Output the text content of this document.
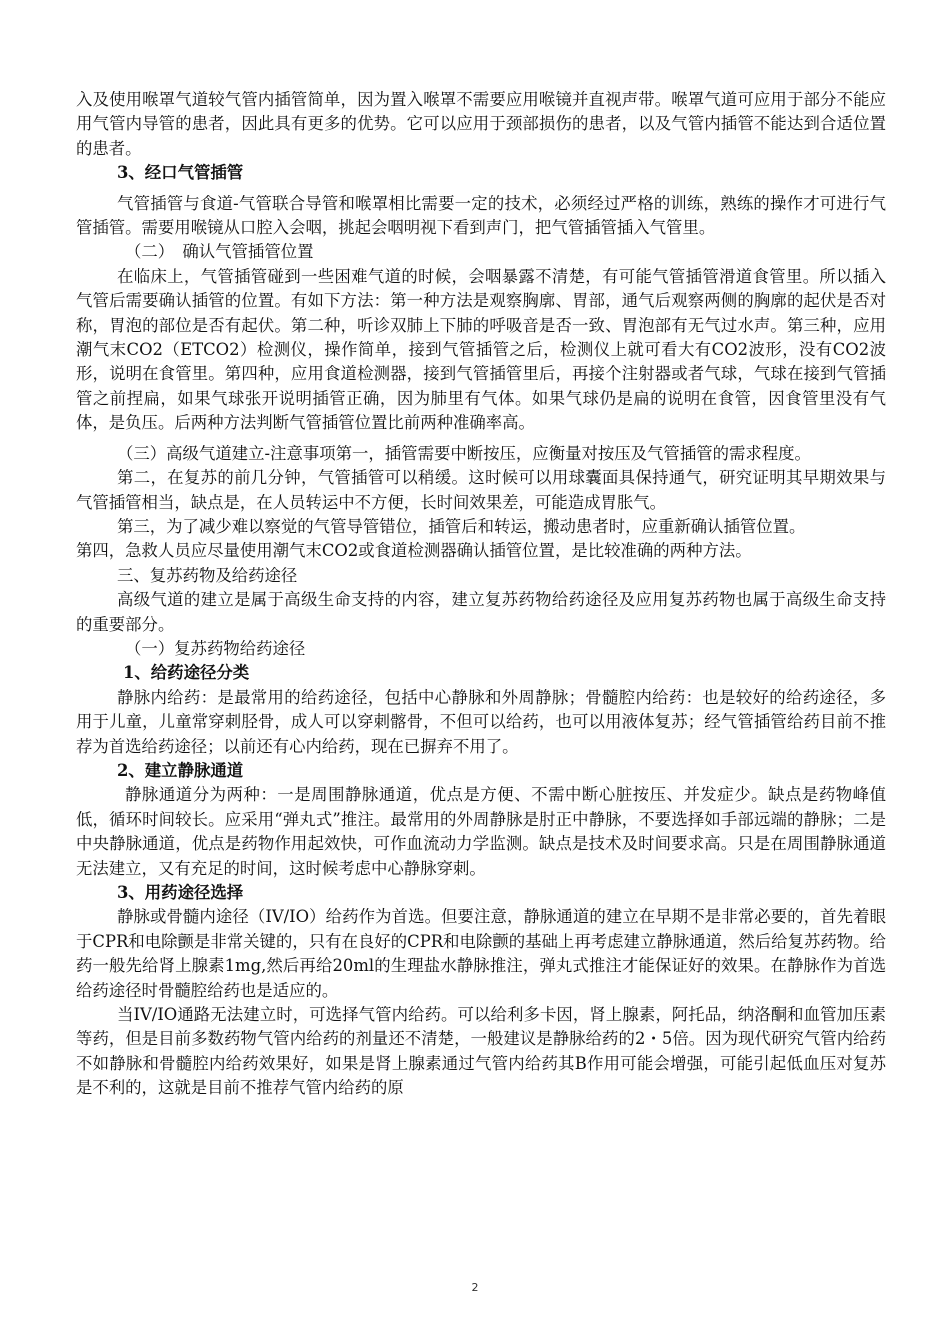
入及使用喉罩气道较气管内插管简单，因为置入喉罩不需要应用喉镜并直视声带。喉罩气道可应用于部分不能应用气管内导管的患者，因此具有更多的优势。它可以应用于颈部损伤的患者，以及气管内插管不能达到合适位置的患者。

3、经口气管插管

气管插管与食道-气管联合导管和喉罩相比需要一定的技术，必须经过严格的训练，熟练的操作才可进行气管插管。需要用喉镜从口腔入会咽，挑起会咽明视下看到声门，把气管插管插入气管里。

（二）　确认气管插管位置

在临床上，气管插管碰到一些困难气道的时候，会咽暴露不清楚，有可能气管插管滑道食管里。所以插入气管后需要确认插管的位置。有如下方法：第一种方法是观察胸廓、胃部，通气后观察两侧的胸廓的起伏是否对称，胃泡的部位是否有起伏。第二种，听诊双肺上下肺的呼吸音是否一致、胃泡部有无气过水声。第三种，应用潮气末CO2（ETCO2）检测仪，操作简单，接到气管插管之后，检测仪上就可看大有CO2波形，没有CO2波形，说明在食管里。第四种，应用食道检测器，接到气管插管里后，再接个注射器或者气球，气球在接到气管插管之前捏扁，如果气球张开说明插管正确，因为肺里有气体。如果气球仍是扁的说明在食管，因食管里没有气体，是负压。后两种方法判断气管插管位置比前两种准确率高。

（三）高级气道建立-注意事项第一，插管需要中断按压，应衡量对按压及气管插管的需求程度。

第二，在复苏的前几分钟，气管插管可以稍缓。这时候可以用球囊面具保持通气，研究证明其早期效果与气管插管相当，缺点是，在人员转运中不方便，长时间效果差，可能造成胃胀气。

第三，为了减少难以察觉的气管导管错位，插管后和转运，搬动患者时，应重新确认插管位置。

第四，急救人员应尽量使用潮气末CO2或食道检测器确认插管位置，是比较准确的两种方法。

三、复苏药物及给药途径

高级气道的建立是属于高级生命支持的内容，建立复苏药物给药途径及应用复苏药物也属于高级生命支持的重要部分。

（一）复苏药物给药途径

1、给药途径分类

静脉内给药：是最常用的给药途径，包括中心静脉和外周静脉；骨髓腔内给药：也是较好的给药途径，多用于儿童，儿童常穿刺胫骨，成人可以穿刺髂骨，不但可以给药，也可以用液体复苏；经气管插管给药目前不推荐为首选给药途径；以前还有心内给药，现在已摒弃不用了。

2、建立静脉通道

静脉通道分为两种：一是周围静脉通道，优点是方便、不需中断心脏按压、并发症少。缺点是药物峰值低，循环时间较长。应采用“弹丸式”推注。最常用的外周静脉是肘正中静脉，不要选择如手部远端的静脉；二是中央静脉通道，优点是药物作用起效快，可作血流动力学监测。缺点是技术及时间要求高。只是在周围静脉通道无法建立，又有充足的时间，这时候考虑中心静脉穿刺。

3、用药途径选择

静脉或骨髓内途径（IV/IO）给药作为首选。但要注意，静脉通道的建立在早期不是非常必要的，首先着眼于CPR和电除颤是非常关键的，只有在良好的CPR和电除颤的基础上再考虑建立静脉通道，然后给复苏药物。给药一般先给肾上腺素1mg,然后再给20ml的生理盐水静脉推注，弹丸式推注才能保证好的效果。在静脉作为首选给药途径时骨髓腔给药也是适应的。

当IV/IO通路无法建立时，可选择气管内给药。可以给利多卡因，肾上腺素，阿托品，纳洛酮和血管加压素等药，但是目前多数药物气管内给药的剂量还不清楚，一般建议是静脉给药的2・5倍。因为现代研究气管内给药不如静脉和骨髓腔内给药效果好，如果是肾上腺素通过气管内给药其B作用可能会增强，可能引起低血压对复苏是不利的，这就是目前不推荐气管内给药的原

2
